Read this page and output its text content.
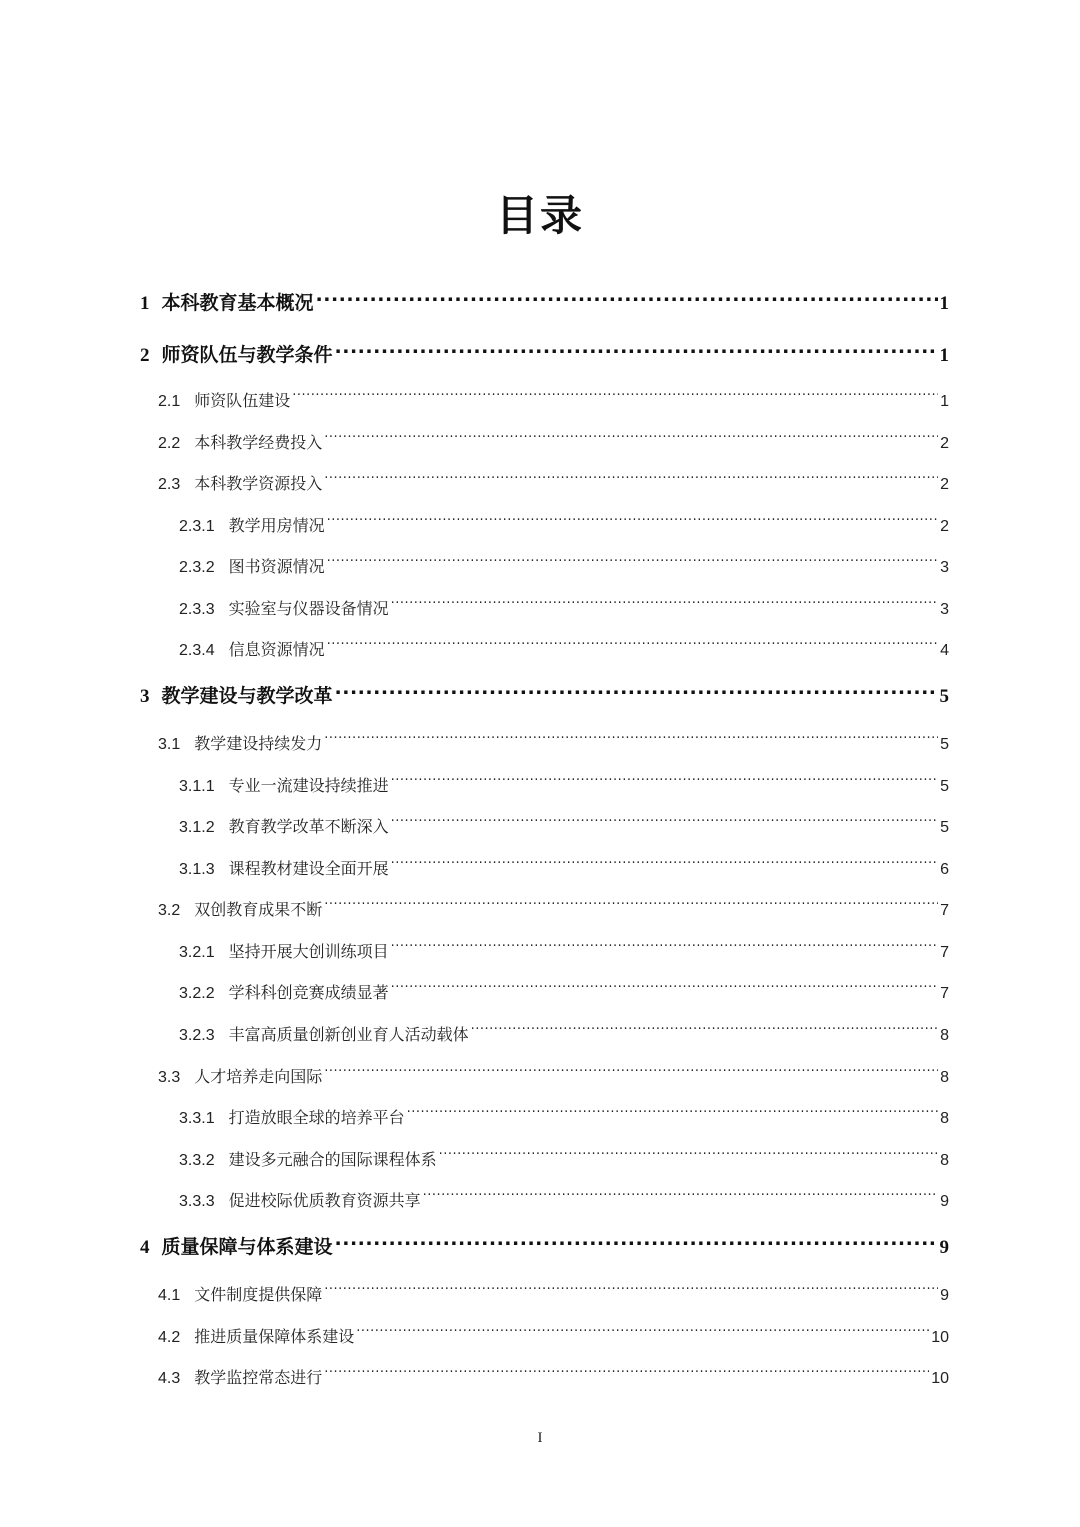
目录
1 本科教育基本概况 .....	1
2 师资队伍与教学条件 .....	1
2.1 师资队伍建设 .....	1
2.2 本科教学经费投入 .....	2
2.3 本科教学资源投入 .....	2
2.3.1 教学用房情况 .....	2
2.3.2 图书资源情况 .....	3
2.3.3 实验室与仪器设备情况 .....	3
2.3.4 信息资源情况 .....	4
3 教学建设与教学改革 .....	5
3.1 教学建设持续发力 .....	5
3.1.1 专业一流建设持续推进 .....	5
3.1.2 教育教学改革不断深入 .....	5
3.1.3 课程教材建设全面开展 .....	6
3.2 双创教育成果不断 .....	7
3.2.1 坚持开展大创训练项目 .....	7
3.2.2 学科科创竞赛成绩显著 .....	7
3.2.3 丰富高质量创新创业育人活动载体 .....	8
3.3 人才培养走向国际 .....	8
3.3.1 打造放眼全球的培养平台 .....	8
3.3.2 建设多元融合的国际课程体系 .....	8
3.3.3 促进校际优质教育资源共享 .....	9
4 质量保障与体系建设 .....	9
4.1 文件制度提供保障 .....	9
4.2 推进质量保障体系建设 .....	10
4.3 教学监控常态进行 .....	10
I
